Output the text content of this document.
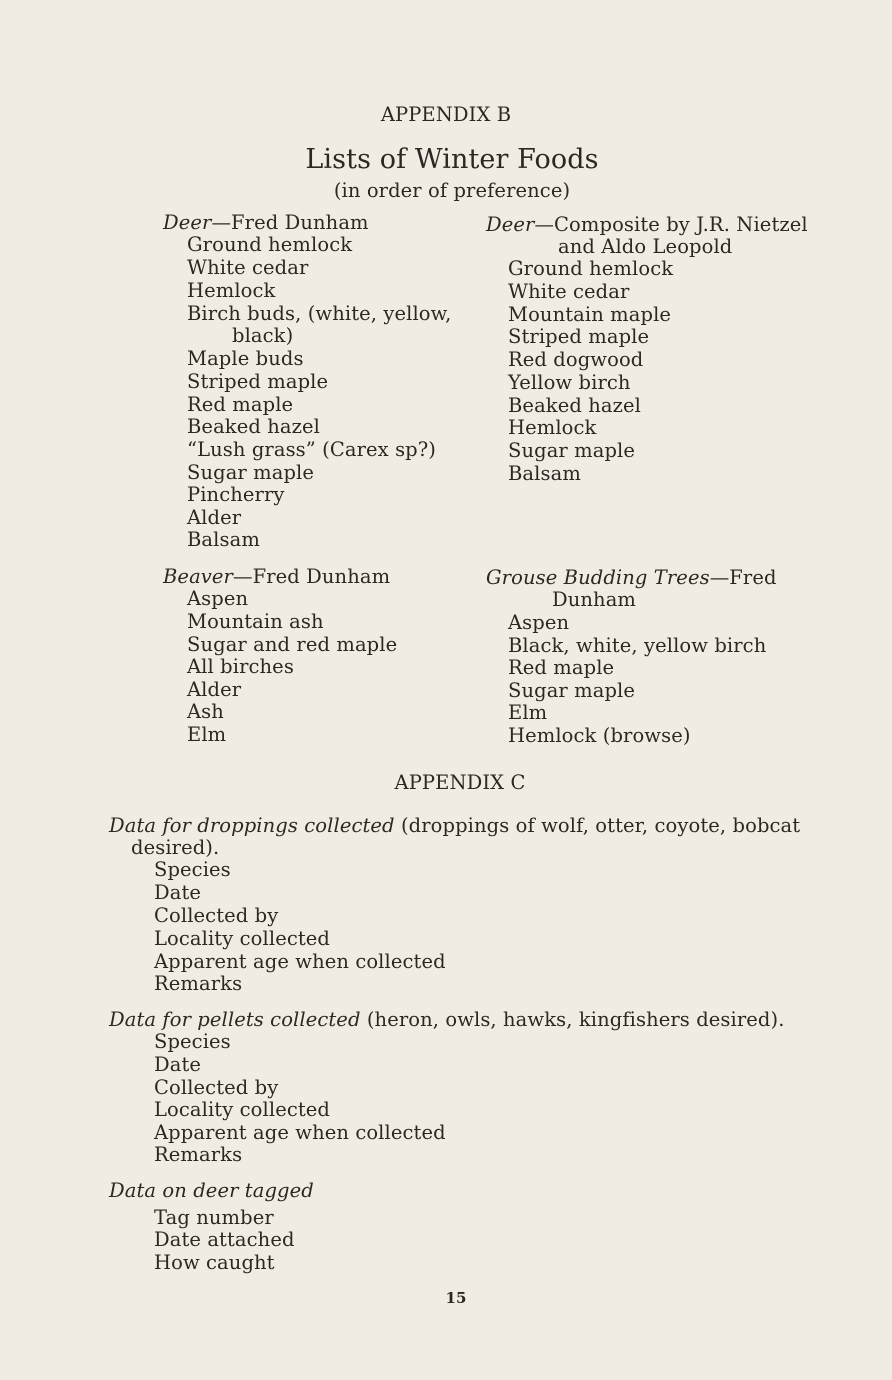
APPENDIX B
Lists of Winter Foods
(in order of preference)
Deer—Fred Dunham
Ground hemlock
White cedar
Hemlock
Birch buds, (white, yellow,
black)
Maple buds
Striped maple
Red maple
Beaked hazel
“Lush grass” (Carex sp?)
Sugar maple
Pincherry
Alder
Balsam
Deer—Composite by J.R. Nietzel
and Aldo Leopold
Ground hemlock
White cedar
Mountain maple
Striped maple
Red dogwood
Yellow birch
Beaked hazel
Hemlock
Sugar maple
Balsam
Beaver—Fred Dunham
Aspen
Mountain ash
Sugar and red maple
All birches
Alder
Ash
Elm
Grouse Budding Trees—Fred
Dunham
Aspen
Black, white, yellow birch
Red maple
Sugar maple
Elm
Hemlock (browse)
APPENDIX C
Data for droppings collected (droppings of wolf, otter, coyote, bobcat
desired).
Species
Date
Collected by
Locality collected
Apparent age when collected
Remarks
Data for pellets collected (heron, owls, hawks, kingfishers desired).
Species
Date
Collected by
Locality collected
Apparent age when collected
Remarks
Data on deer tagged
Tag number
Date attached
How caught
15
